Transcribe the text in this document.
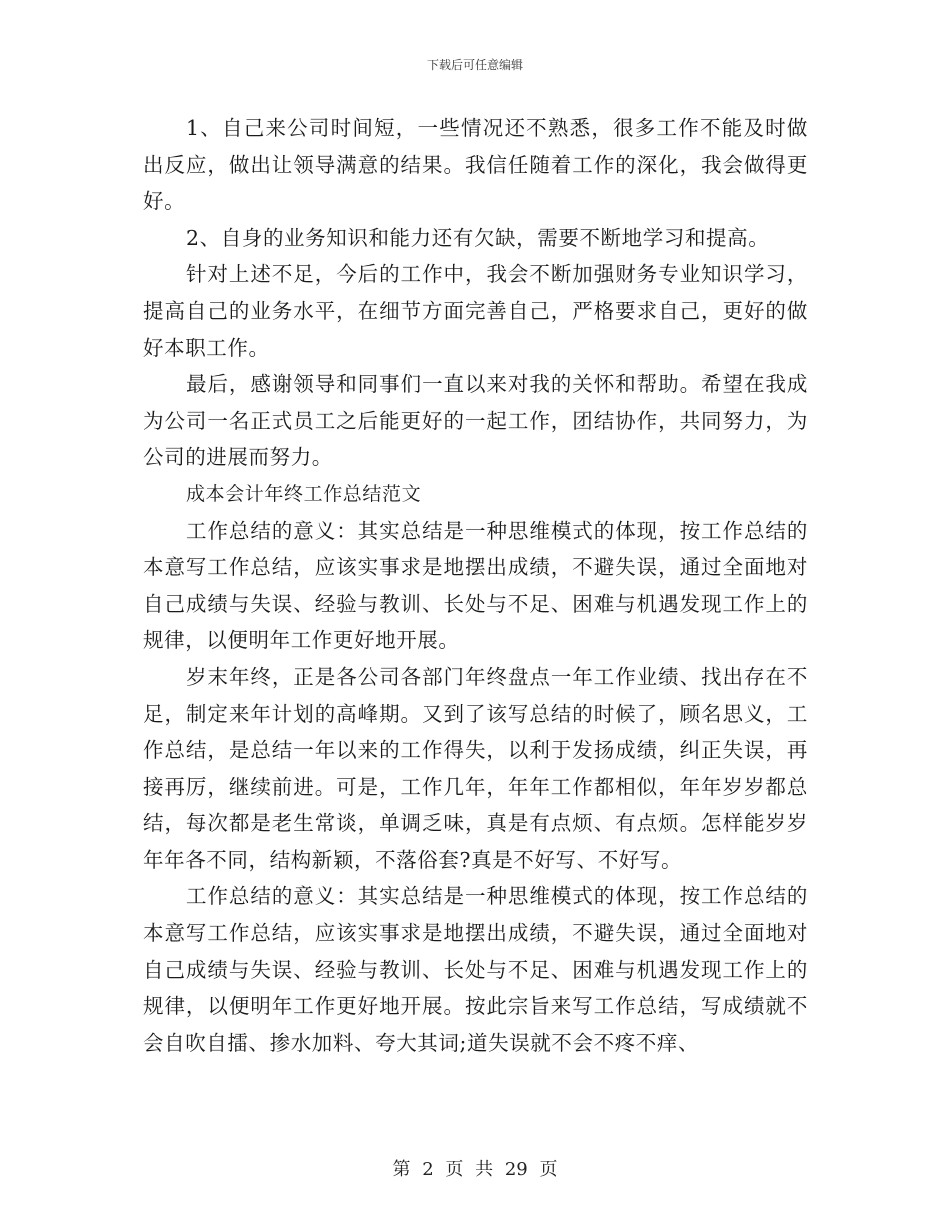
下载后可任意编辑

1、自己来公司时间短，一些情况还不熟悉，很多工作不能及时做出反应，做出让领导满意的结果。我信任随着工作的深化，我会做得更好。

2、自身的业务知识和能力还有欠缺，需要不断地学习和提高。

针对上述不足，今后的工作中，我会不断加强财务专业知识学习，提高自己的业务水平，在细节方面完善自己，严格要求自己，更好的做好本职工作。

最后，感谢领导和同事们一直以来对我的关怀和帮助。希望在我成为公司一名正式员工之后能更好的一起工作，团结协作，共同努力，为公司的进展而努力。

成本会计年终工作总结范文

工作总结的意义：其实总结是一种思维模式的体现，按工作总结的本意写工作总结，应该实事求是地摆出成绩，不避失误，通过全面地对自己成绩与失误、经验与教训、长处与不足、困难与机遇发现工作上的规律，以便明年工作更好地开展。

岁末年终，正是各公司各部门年终盘点一年工作业绩、找出存在不足，制定来年计划的高峰期。又到了该写总结的时候了，顾名思义，工作总结，是总结一年以来的工作得失，以利于发扬成绩，纠正失误，再接再厉，继续前进。可是，工作几年，年年工作都相似，年年岁岁都总结，每次都是老生常谈，单调乏味，真是有点烦、有点烦。怎样能岁岁年年各不同，结构新颖，不落俗套?真是不好写、不好写。

工作总结的意义：其实总结是一种思维模式的体现，按工作总结的本意写工作总结，应该实事求是地摆出成绩，不避失误，通过全面地对自己成绩与失误、经验与教训、长处与不足、困难与机遇发现工作上的规律，以便明年工作更好地开展。按此宗旨来写工作总结，写成绩就不会自吹自擂、掺水加料、夸大其词;道失误就不会不疼不痒、

第 2 页 共 29 页
